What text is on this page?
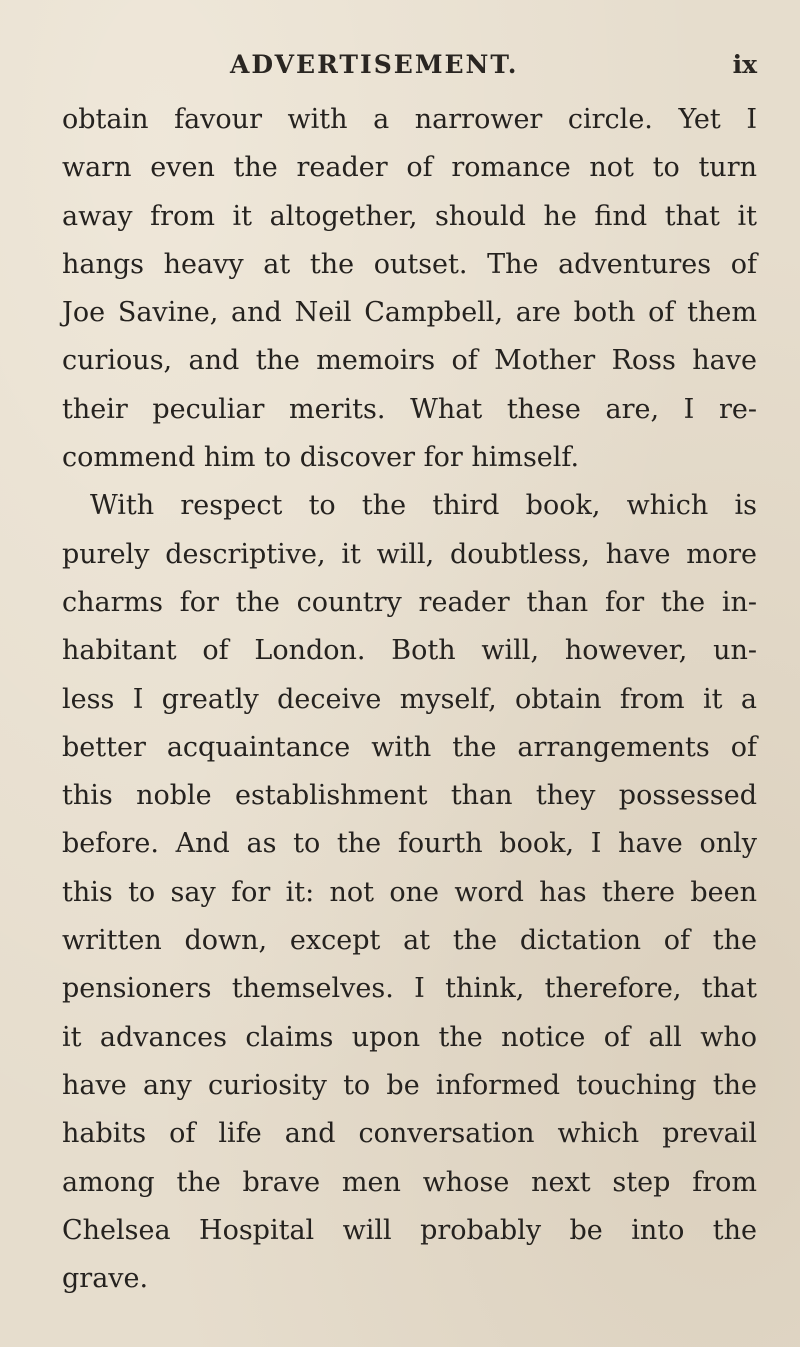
ADVERTISEMENT.	ix
obtain favour with a narrower circle. Yet I
warn even the reader of romance not to turn
away from it altogether, should he find that it
hangs heavy at the outset. The adventures of
Joe Savine, and Neil Campbell, are both of them
curious, and the memoirs of Mother Ross have
their peculiar merits. What these are, I re-
commend him to discover for himself.
With respect to the third book, which is
purely descriptive, it will, doubtless, have more
charms for the country reader than for the in-
habitant of London. Both will, however, un-
less I greatly deceive myself, obtain from it a
better acquaintance with the arrangements of
this noble establishment than they possessed
before. And as to the fourth book, I have only
this to say for it: not one word has there been
written down, except at the dictation of the
pensioners themselves. I think, therefore, that
it advances claims upon the notice of all who
have any curiosity to be informed touching the
habits of life and conversation which prevail
among the brave men whose next step from
Chelsea Hospital will probably be into the
grave.
